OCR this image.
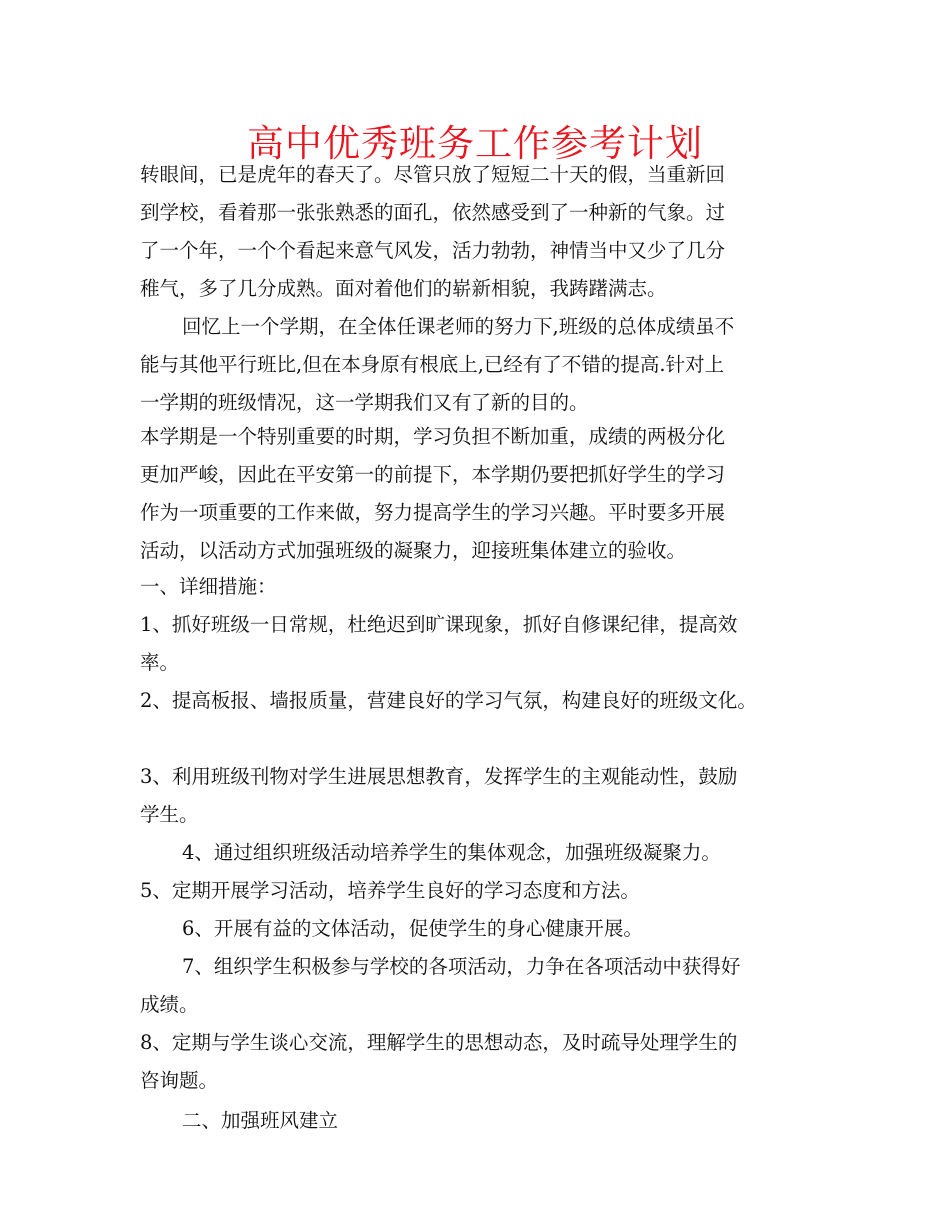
高中优秀班务工作参考计划
转眼间，已是虎年的春天了。尽管只放了短短二十天的假，当重新回
到学校，看着那一张张熟悉的面孔，依然感受到了一种新的气象。过
了一个年，一个个看起来意气风发，活力勃勃，神情当中又少了几分
稚气，多了几分成熟。面对着他们的崭新相貌，我踌躇满志。
回忆上一个学期，在全体任课老师的努力下,班级的总体成绩虽不
能与其他平行班比,但在本身原有根底上,已经有了不错的提高.针对上
一学期的班级情况，这一学期我们又有了新的目的。
本学期是一个特别重要的时期，学习负担不断加重，成绩的两极分化
更加严峻，因此在平安第一的前提下，本学期仍要把抓好学生的学习
作为一项重要的工作来做，努力提高学生的学习兴趣。平时要多开展
活动，以活动方式加强班级的凝聚力，迎接班集体建立的验收。
一、详细措施：
1、抓好班级一日常规，杜绝迟到旷课现象，抓好自修课纪律，提高效
率。
2、提高板报、墙报质量，营建良好的学习气氛，构建良好的班级文化。
3、利用班级刊物对学生进展思想教育，发挥学生的主观能动性，鼓励
学生。
4、通过组织班级活动培养学生的集体观念，加强班级凝聚力。
5、定期开展学习活动，培养学生良好的学习态度和方法。
6、开展有益的文体活动，促使学生的身心健康开展。
7、组织学生积极参与学校的各项活动，力争在各项活动中获得好
成绩。
8、定期与学生谈心交流，理解学生的思想动态，及时疏导处理学生的
咨询题。
二、加强班风建立
